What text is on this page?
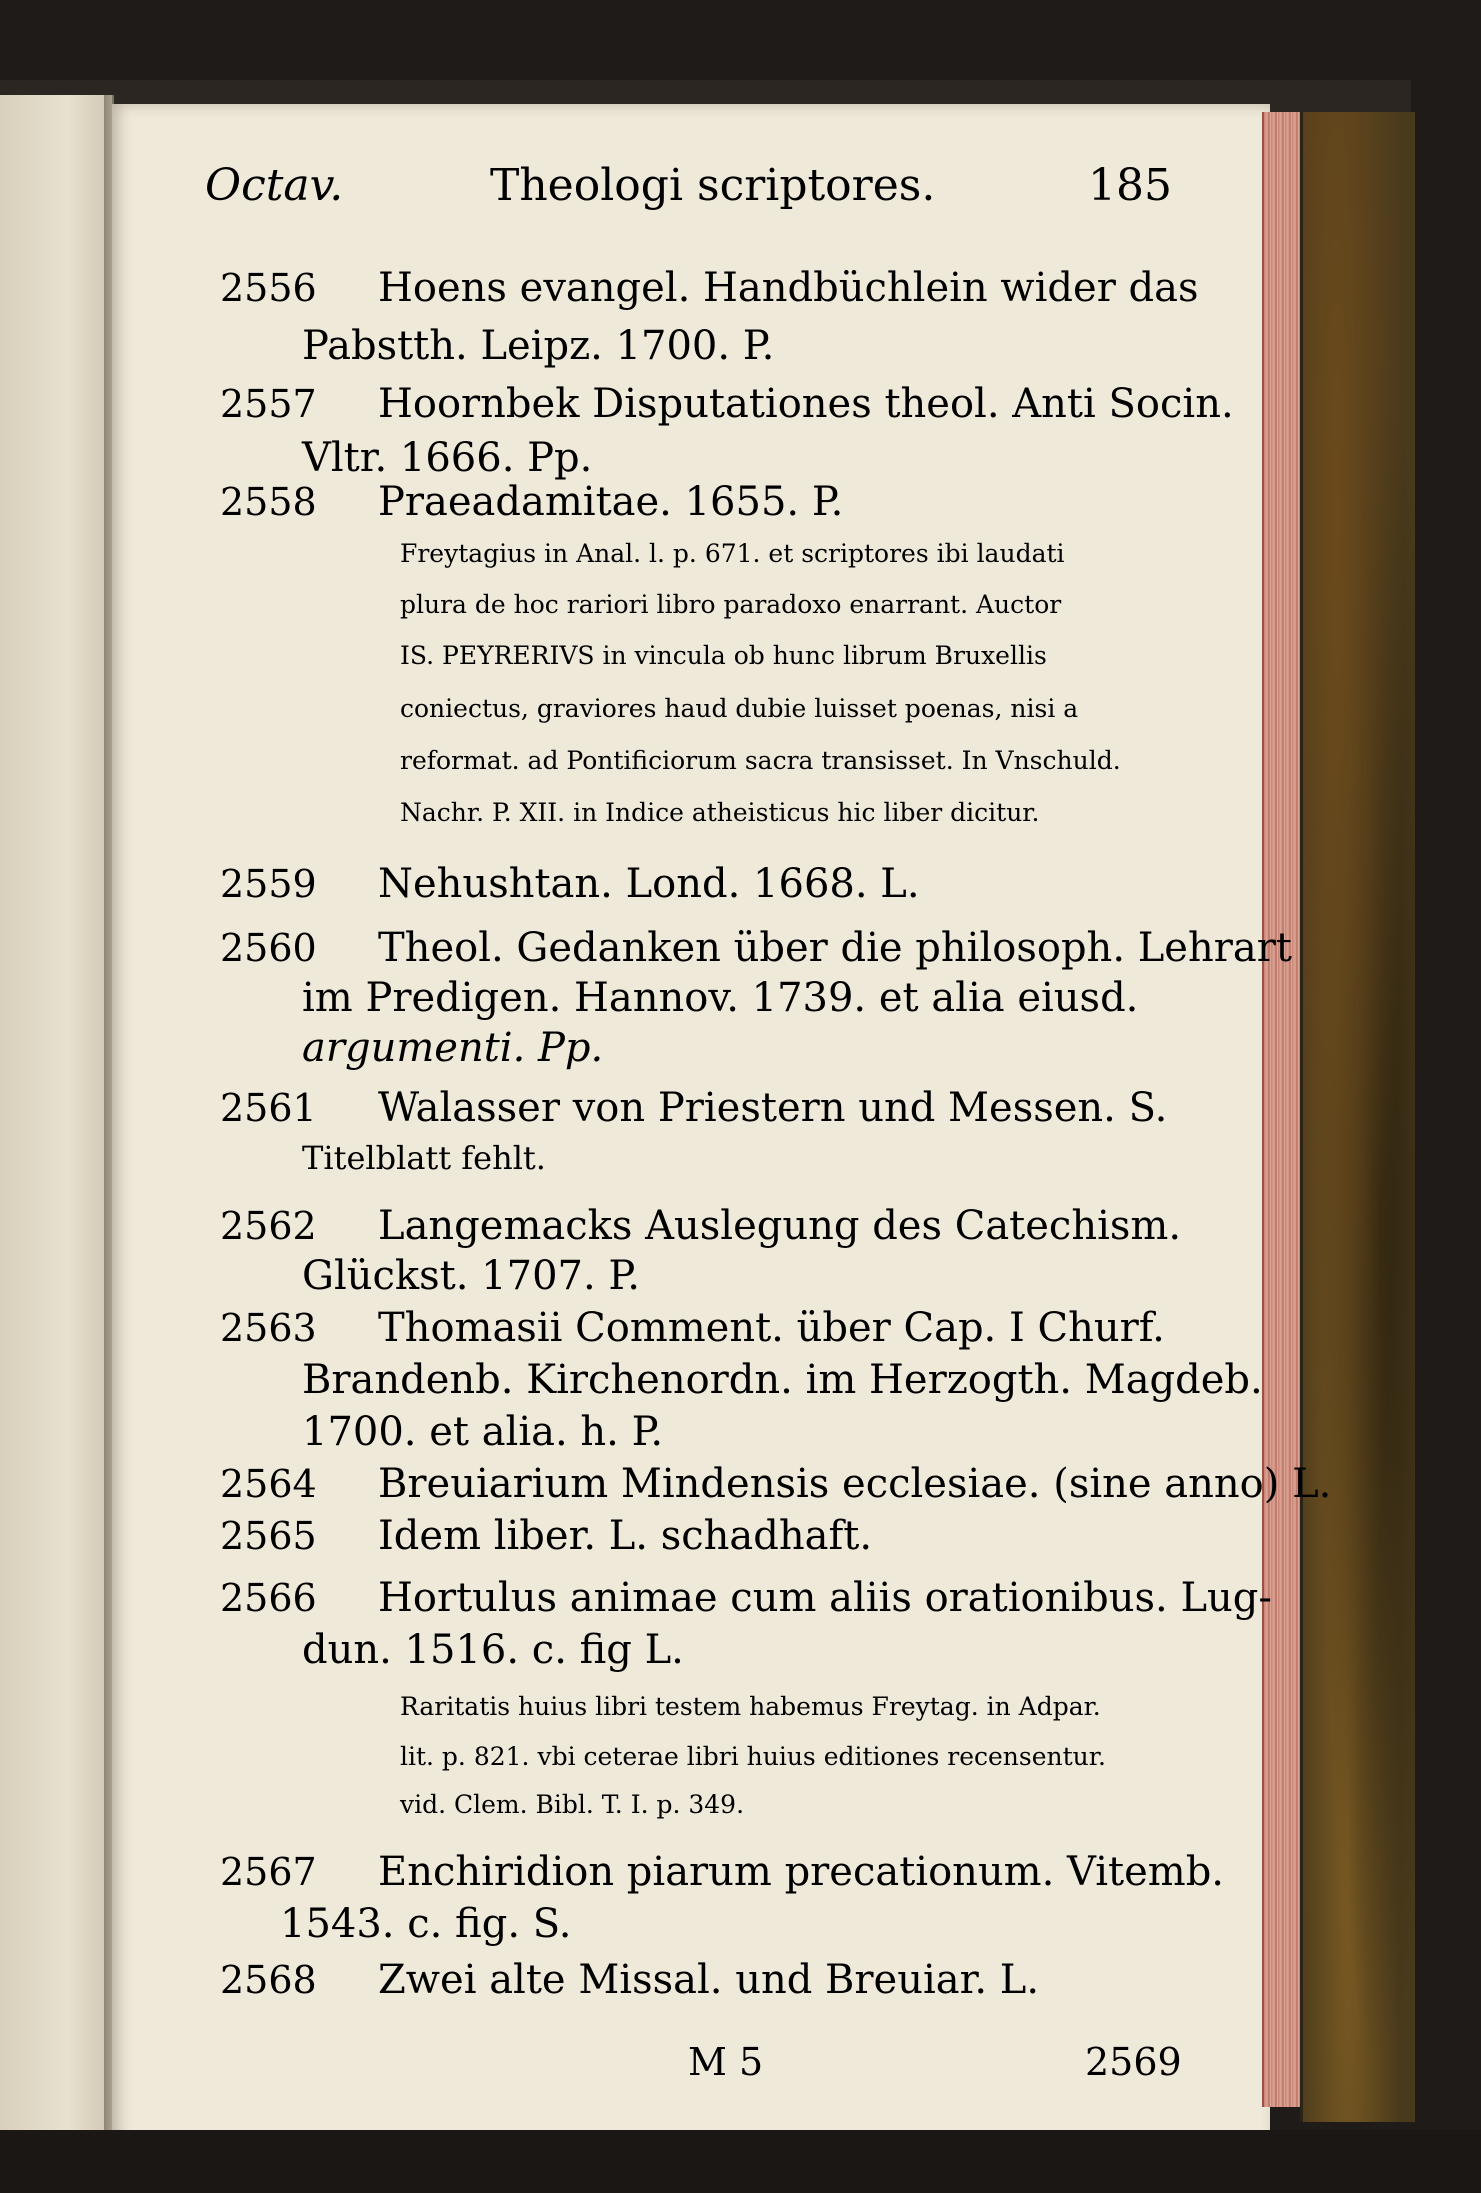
Octav.	Theologi scriptores.	185
2556 Hoens evangel. Handbüchlein wider das
Pabstth. Leipz. 1700. P.
2557 Hoornbek Disputationes theol. Anti Socin.
Vltr. 1666. Pp.
2558 Praeadamitae. 1655. P.
Freytagius in Anal. l. p. 671. et scriptores ibi laudati
plura de hoc rariori libro paradoxo enarrant. Auctor
IS. PEYRERIVS in vincula ob hunc librum Bruxellis
coniectus, graviores haud dubie luisset poenas, nisi a
reformat. ad Pontificiorum sacra transisset. In Vnschuld.
Nachr. P. XII. in Indice atheisticus hic liber dicitur.
2559 Nehushtan. Lond. 1668. L.
2560 Theol. Gedanken über die philosoph. Lehrart
im Predigen. Hannov. 1739. et alia eiusd.
argumenti. Pp.
2561 Walasser von Priestern und Messen. S.
Titelblatt fehlt.
2562 Langemacks Auslegung des Catechism.
Glückst. 1707. P.
2563 Thomasii Comment. über Cap. I Churf.
Brandenb. Kirchenordn. im Herzogth. Magdeb.
1700. et alia. h. P.
2564 Breuiarium Mindensis ecclesiae. (sine anno) L.
2565 Idem liber. L. schadhaft.
2566 Hortulus animae cum aliis orationibus. Lug-
dun. 1516. c. fig L.
Raritatis huius libri testem habemus Freytag. in Adpar.
lit. p. 821. vbi ceterae libri huius editiones recensentur.
vid. Clem. Bibl. T. I. p. 349.
2567 Enchiridion piarum precationum. Vitemb.
1543. c. fig. S.
2568 Zwei alte Missal. und Breuiar. L.
M 5	2569
